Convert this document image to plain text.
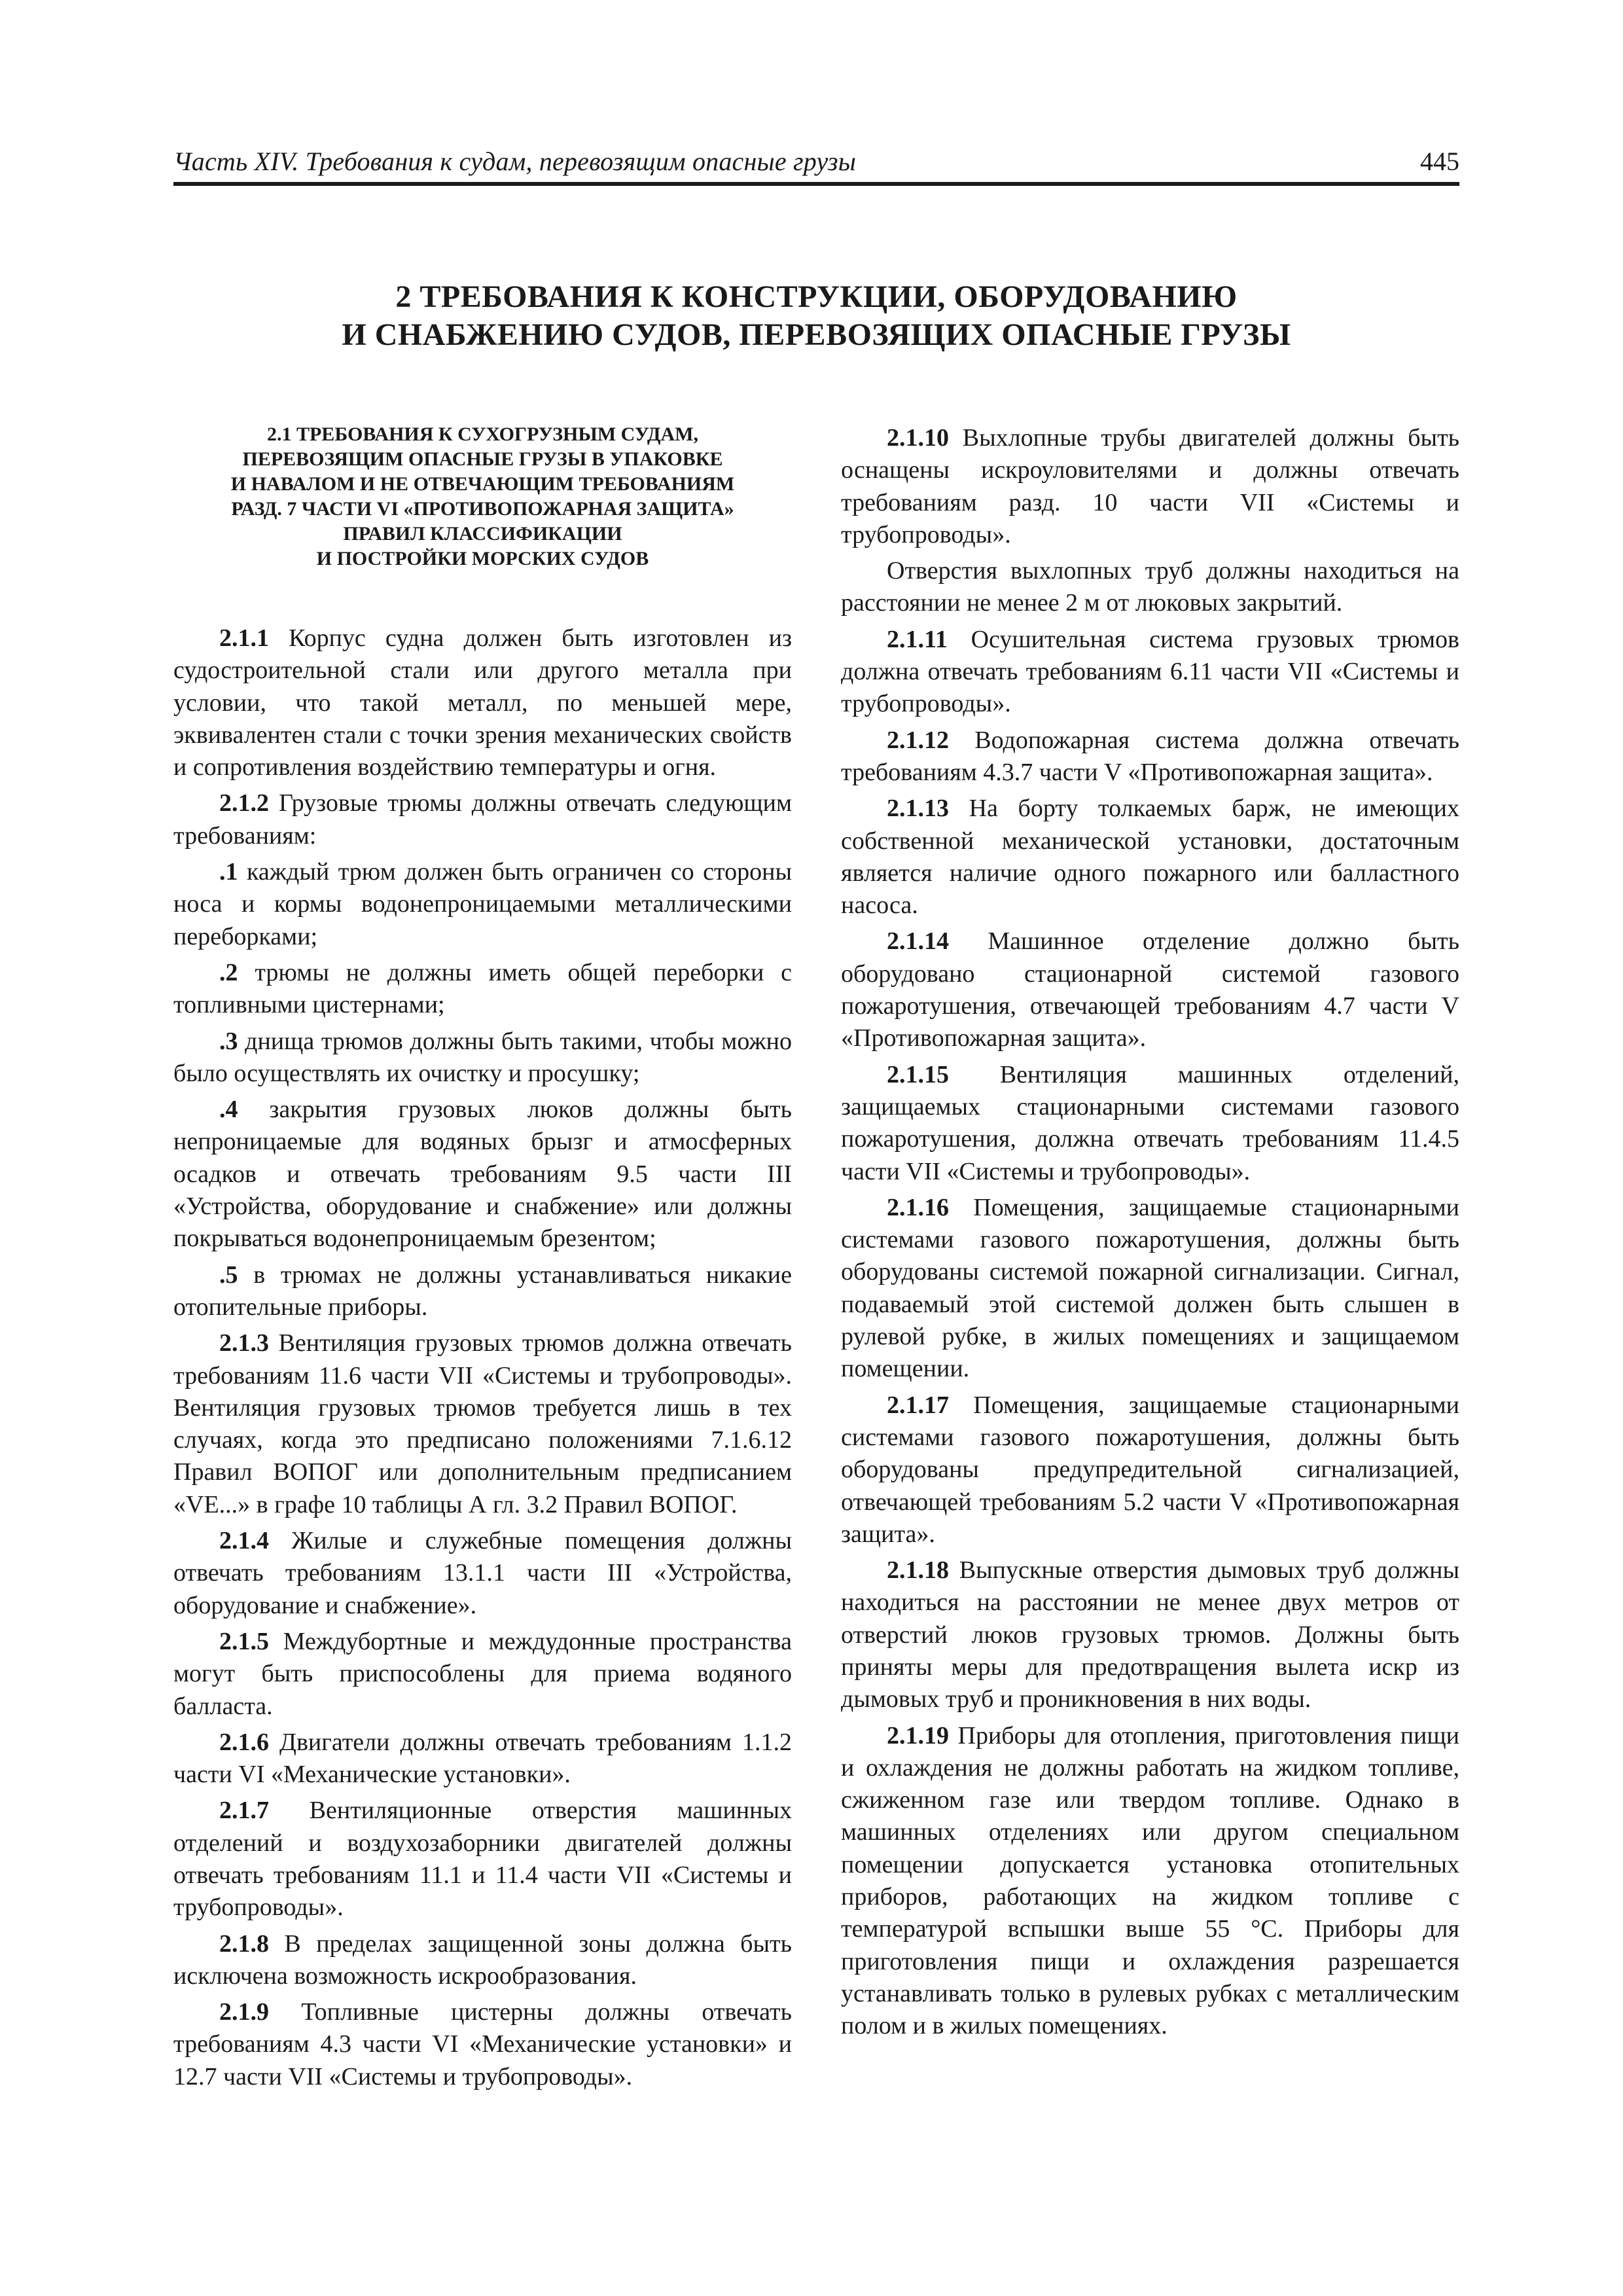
Часть XIV. Требования к судам, перевозящим опасные грузы	445
2 ТРЕБОВАНИЯ К КОНСТРУКЦИИ, ОБОРУДОВАНИЮ
И СНАБЖЕНИЮ СУДОВ, ПЕРЕВОЗЯЩИХ ОПАСНЫЕ ГРУЗЫ
2.1 ТРЕБОВАНИЯ К СУХОГРУЗНЫМ СУДАМ,
ПЕРЕВОЗЯЩИМ ОПАСНЫЕ ГРУЗЫ В УПАКОВКЕ
И НАВАЛОМ И НЕ ОТВЕЧАЮЩИМ ТРЕБОВАНИЯМ
РАЗД. 7 ЧАСТИ VI «ПРОТИВОПОЖАРНАЯ ЗАЩИТА»
ПРАВИЛ КЛАССИФИКАЦИИ
И ПОСТРОЙКИ МОРСКИХ СУДОВ

2.1.1 Корпус судна должен быть изготовлен из судостроительной стали или другого металла при условии, что такой металл, по меньшей мере, эквивалентен стали с точки зрения механических свойств и сопротивления воздействию температуры и огня.

2.1.2 Грузовые трюмы должны отвечать следующим требованиям:

.1 каждый трюм должен быть ограничен со стороны носа и кормы водонепроницаемыми металлическими переборками;

.2 трюмы не должны иметь общей переборки с топливными цистернами;

.3 днища трюмов должны быть такими, чтобы можно было осуществлять их очистку и просушку;

.4 закрытия грузовых люков должны быть непроницаемые для водяных брызг и атмосферных осадков и отвечать требованиям 9.5 части III «Устройства, оборудование и снабжение» или должны покрываться водонепроницаемым брезентом;

.5 в трюмах не должны устанавливаться никакие отопительные приборы.

2.1.3 Вентиляция грузовых трюмов должна отвечать требованиям 11.6 части VII «Системы и трубопроводы». Вентиляция грузовых трюмов требуется лишь в тех случаях, когда это предписано положениями 7.1.6.12 Правил ВОПОГ или дополнительным предписанием «VE...» в графе 10 таблицы А гл. 3.2 Правил ВОПОГ.

2.1.4 Жилые и служебные помещения должны отвечать требованиям 13.1.1 части III «Устройства, оборудование и снабжение».

2.1.5 Междубортные и междудонные пространства могут быть приспособлены для приема водяного балласта.

2.1.6 Двигатели должны отвечать требованиям 1.1.2 части VI «Механические установки».

2.1.7 Вентиляционные отверстия машинных отделений и воздухозаборники двигателей должны отвечать требованиям 11.1 и 11.4 части VII «Системы и трубопроводы».

2.1.8 В пределах защищенной зоны должна быть исключена возможность искрообразования.

2.1.9 Топливные цистерны должны отвечать требованиям 4.3 части VI «Механические установки» и 12.7 части VII «Системы и трубопроводы».

2.1.10 Выхлопные трубы двигателей должны быть оснащены искроуловителями и должны отвечать требованиям разд. 10 части VII «Системы и трубопроводы».

Отверстия выхлопных труб должны находиться на расстоянии не менее 2 м от люковых закрытий.

2.1.11 Осушительная система грузовых трюмов должна отвечать требованиям 6.11 части VII «Системы и трубопроводы».

2.1.12 Водопожарная система должна отвечать требованиям 4.3.7 части V «Противопожарная защита».

2.1.13 На борту толкаемых барж, не имеющих собственной механической установки, достаточным является наличие одного пожарного или балластного насоса.

2.1.14 Машинное отделение должно быть оборудовано стационарной системой газового пожаротушения, отвечающей требованиям 4.7 части V «Противопожарная защита».

2.1.15 Вентиляция машинных отделений, защищаемых стационарными системами газового пожаротушения, должна отвечать требованиям 11.4.5 части VII «Системы и трубопроводы».

2.1.16 Помещения, защищаемые стационарными системами газового пожаротушения, должны быть оборудованы системой пожарной сигнализации. Сигнал, подаваемый этой системой должен быть слышен в рулевой рубке, в жилых помещениях и защищаемом помещении.

2.1.17 Помещения, защищаемые стационарными системами газового пожаротушения, должны быть оборудованы предупредительной сигнализацией, отвечающей требованиям 5.2 части V «Противопожарная защита».

2.1.18 Выпускные отверстия дымовых труб должны находиться на расстоянии не менее двух метров от отверстий люков грузовых трюмов. Должны быть приняты меры для предотвращения вылета искр из дымовых труб и проникновения в них воды.

2.1.19 Приборы для отопления, приготовления пищи и охлаждения не должны работать на жидком топливе, сжиженном газе или твердом топливе. Однако в машинных отделениях или другом специальном помещении допускается установка отопительных приборов, работающих на жидком топливе с температурой вспышки выше 55 °С. Приборы для приготовления пищи и охлаждения разрешается устанавливать только в рулевых рубках с металлическим полом и в жилых помещениях.
